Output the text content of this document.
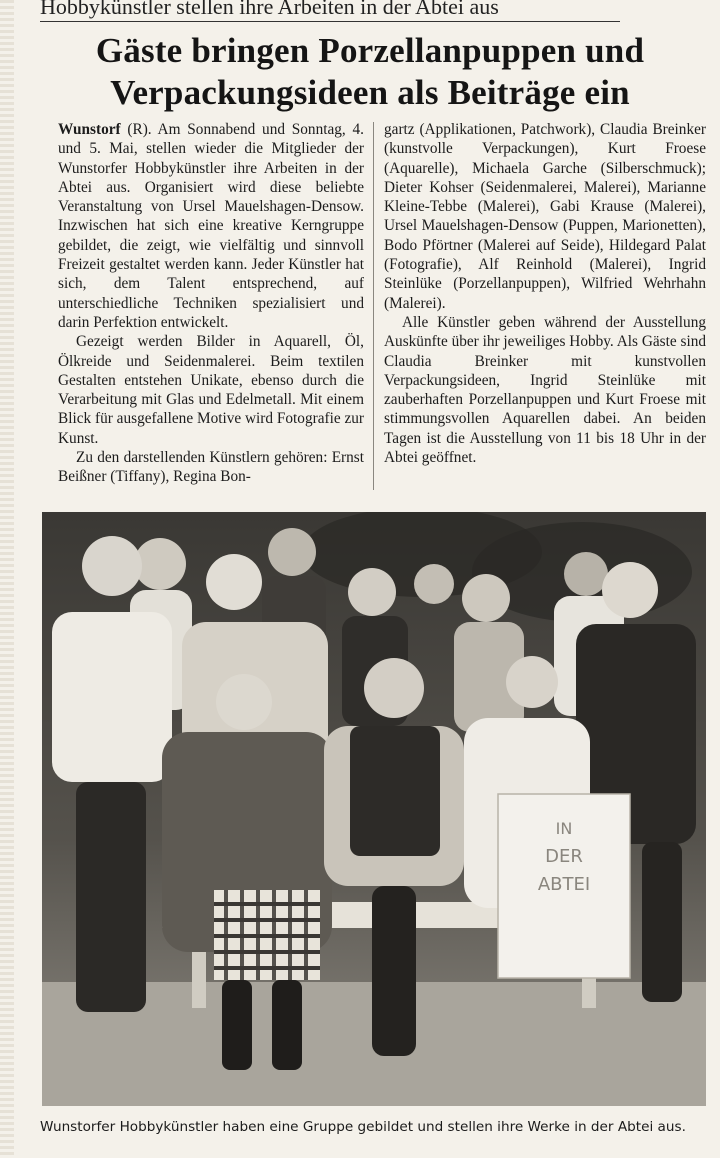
Hobbykünstler stellen ihre Arbeiten in der Abtei aus
Gäste bringen Porzellanpuppen und
Verpackungsideen als Beiträge ein

Wunstorf (R). Am Sonnabend und Sonntag, 4. und 5. Mai, stellen wieder die Mitglieder der Wunstorfer Hobbykünstler ihre Arbeiten in der Abtei aus. Organisiert wird diese beliebte Veranstaltung von Ursel Mauelshagen-Densow. Inzwischen hat sich eine kreative Kerngruppe gebildet, die zeigt, wie vielfältig und sinnvoll Freizeit gestaltet werden kann. Jeder Künstler hat sich, dem Talent entsprechend, auf unterschiedliche Techniken spezialisiert und darin Perfektion entwickelt.

Gezeigt werden Bilder in Aquarell, Öl, Ölkreide und Seidenmalerei. Beim textilen Gestalten entstehen Unikate, ebenso durch die Verarbeitung mit Glas und Edelmetall. Mit einem Blick für ausgefallene Motive wird Fotografie zur Kunst.

Zu den darstellenden Künstlern gehören: Ernst Beißner (Tiffany), Regina Bon-

gartz (Applikationen, Patchwork), Claudia Breinker (kunstvolle Verpackungen), Kurt Froese (Aquarelle), Michaela Garche (Silberschmuck); Dieter Kohser (Seidenmalerei, Malerei), Marianne Kleine-Tebbe (Malerei), Gabi Krause (Malerei), Ursel Mauelshagen-Densow (Puppen, Marionetten), Bodo Pförtner (Malerei auf Seide), Hildegard Palat (Fotografie), Alf Reinhold (Malerei), Ingrid Steinlüke (Porzellanpuppen), Wilfried Wehrhahn (Malerei).

Alle Künstler geben während der Ausstellung Auskünfte über ihr jeweiliges Hobby. Als Gäste sind Claudia Breinker mit kunstvollen Verpackungsideen, Ingrid Steinlüke mit zauberhaften Porzellanpuppen und Kurt Froese mit stimmungsvollen Aquarellen dabei. An beiden Tagen ist die Ausstellung von 11 bis 18 Uhr in der Abtei geöffnet.

IN
DER
ABTEI
Wunstorfer Hobbykünstler haben eine Gruppe gebildet und stellen ihre Werke in der Abtei aus.
